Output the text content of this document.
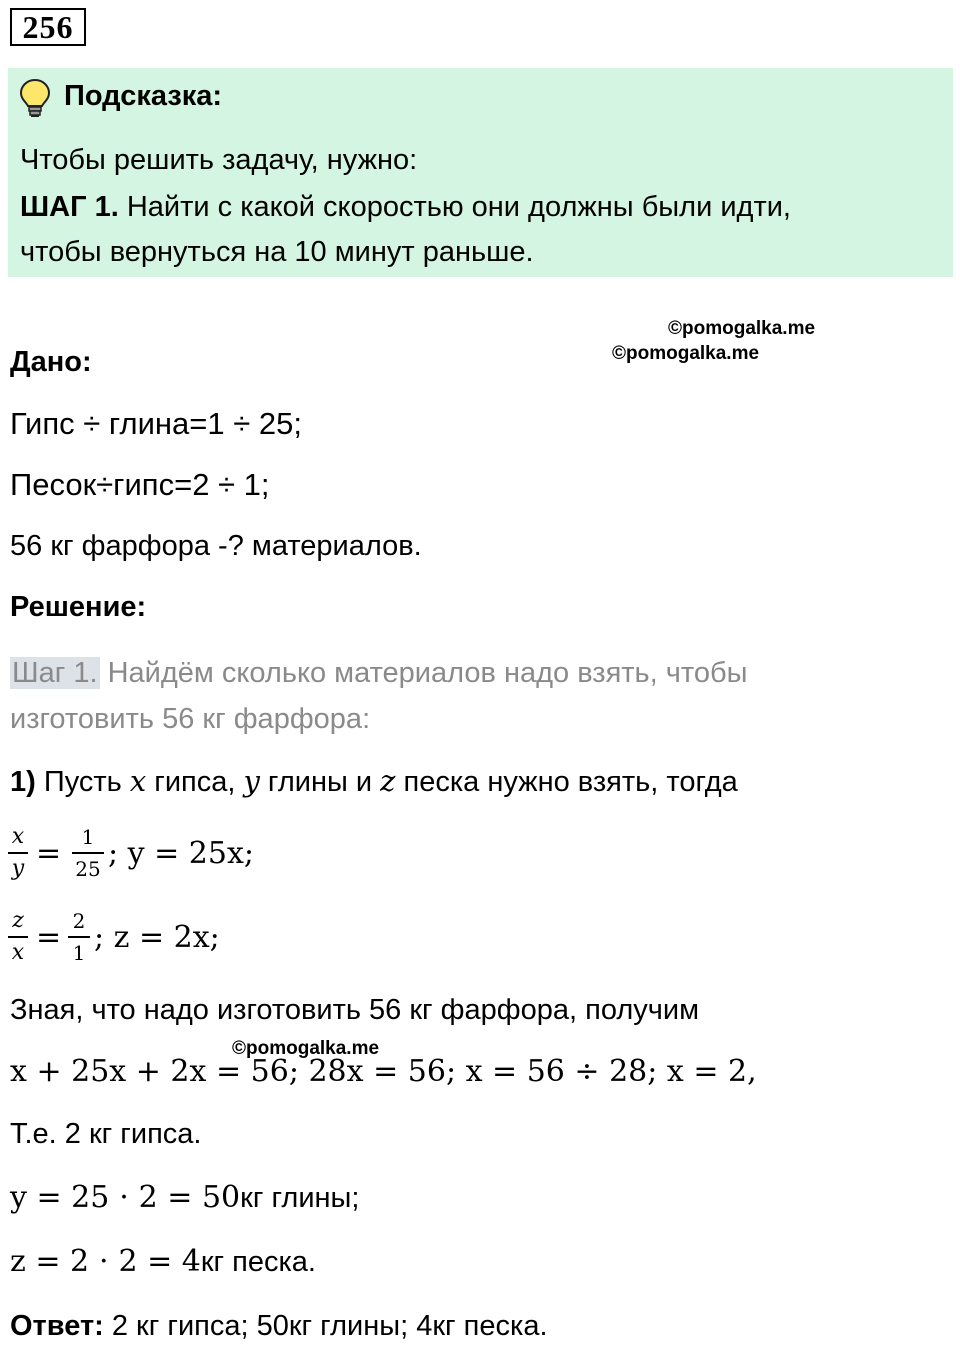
256
Подсказка:
Чтобы решить задачу, нужно:
ШАГ 1. Найти с какой скоростью они должны были идти,
чтобы вернуться на 10 минут раньше.
©pomogalka.me
©pomogalka.me
Дано:
Гипс ÷ глина=1 ÷ 25;
Песок÷гипс=2 ÷ 1;
56 кг фарфора -? материалов.
Решение:
Шаг 1. Найдём сколько материалов надо взять, чтобы
изготовить 56 кг фарфора:
1) Пусть x гипса, y глины и z песка нужно взять, тогда
x
y =	1
25 ; y = 25x;
z
x = 2
1 ; z = 2x;
Зная, что надо изготовить 56 кг фарфора, получим
©pomogalka.me
x + 25x + 2x = 56; 28x = 56; x = 56 ÷ 28; x = 2,
Т.е. 2 кг гипса.
y = 25 ⋅ 2 = 50кг глины;
z = 2 ⋅ 2 = 4кг песка.
Ответ: 2 кг гипса; 50кг глины; 4кг песка.
